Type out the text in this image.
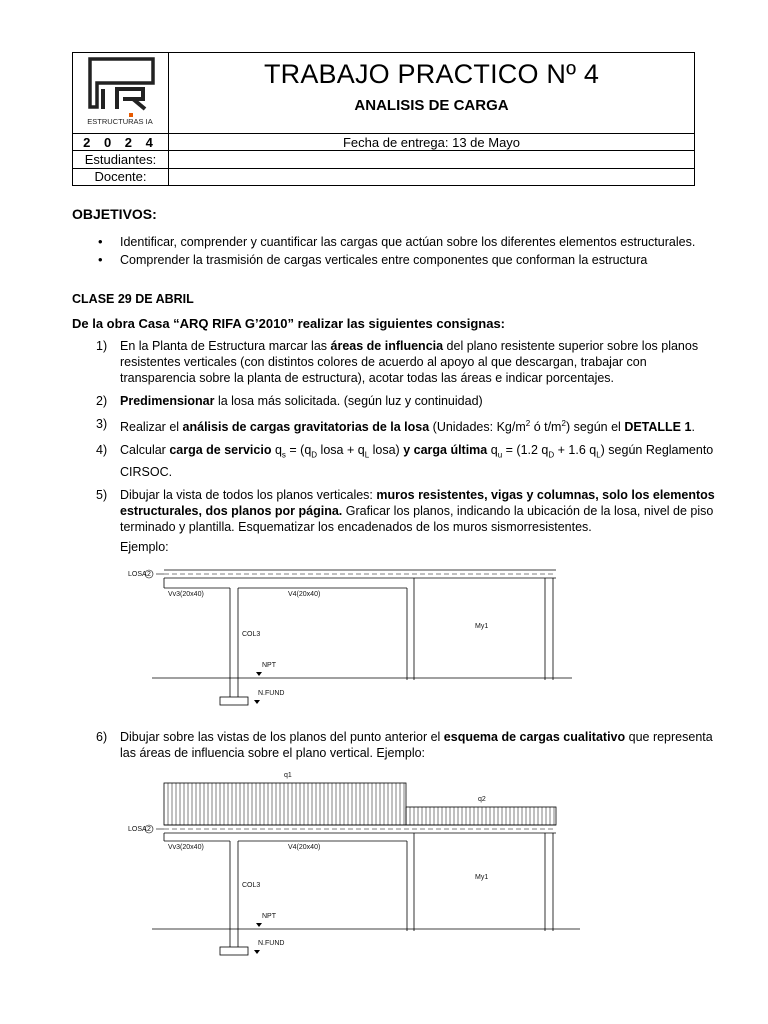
ESTRUCTURAS IA	TRABAJO PRACTICO Nº 4
ANALISIS DE CARGA

2 0 2 4	Fecha de entrega: 13 de Mayo
Estudiantes:	
Docente:	
OBJETIVOS:
• Identificar, comprender y cuantificar las cargas que actúan sobre los diferentes elementos estructurales.
• Comprender la trasmisión de cargas verticales entre componentes que conforman la estructura
CLASE 29 DE ABRIL
De la obra Casa “ARQ RIFA G’2010” realizar las siguientes consignas:
1) En la Planta de Estructura marcar las áreas de influencia del plano resistente superior sobre los planos resistentes verticales (con distintos colores de acuerdo al apoyo al que descargan, trabajar con transparencia sobre la planta de estructura), acotar todas las áreas e indicar porcentajes.
2) Predimensionar la losa más solicitada. (según luz y continuidad)
3) Realizar el análisis de cargas gravitatorias de la losa (Unidades: $Kg/m^2$ ó $t/m^2$) según el DETALLE 1.
4) Calcular carga de servicio $q_s = (q_D$ losa + $q_L$ losa) y carga última $q_u = (1.2$ $q_D + 1.6$ $q_L$) según Reglamento CIRSOC.
5) Dibujar la vista de todos los planos verticales: muros resistentes, vigas y columnas, solo los elementos estructurales, dos planos por página. Graficar los planos, indicando la ubicación de la losa, nivel de piso terminado y plantilla. Esquematizar los encadenados de los muros sismorresistentes.
Ejemplo:
LOSA 2
Vv3(20x40)	V4(20x40)
COL3
My1
NPT
N.FUND
6) Dibujar sobre las vistas de los planos del punto anterior el esquema de cargas cualitativo que representa las áreas de influencia sobre el plano vertical. Ejemplo:
q1
q2
LOSA 2
Vv3(20x40)	V4(20x40)
COL3
My1
NPT
N.FUND
